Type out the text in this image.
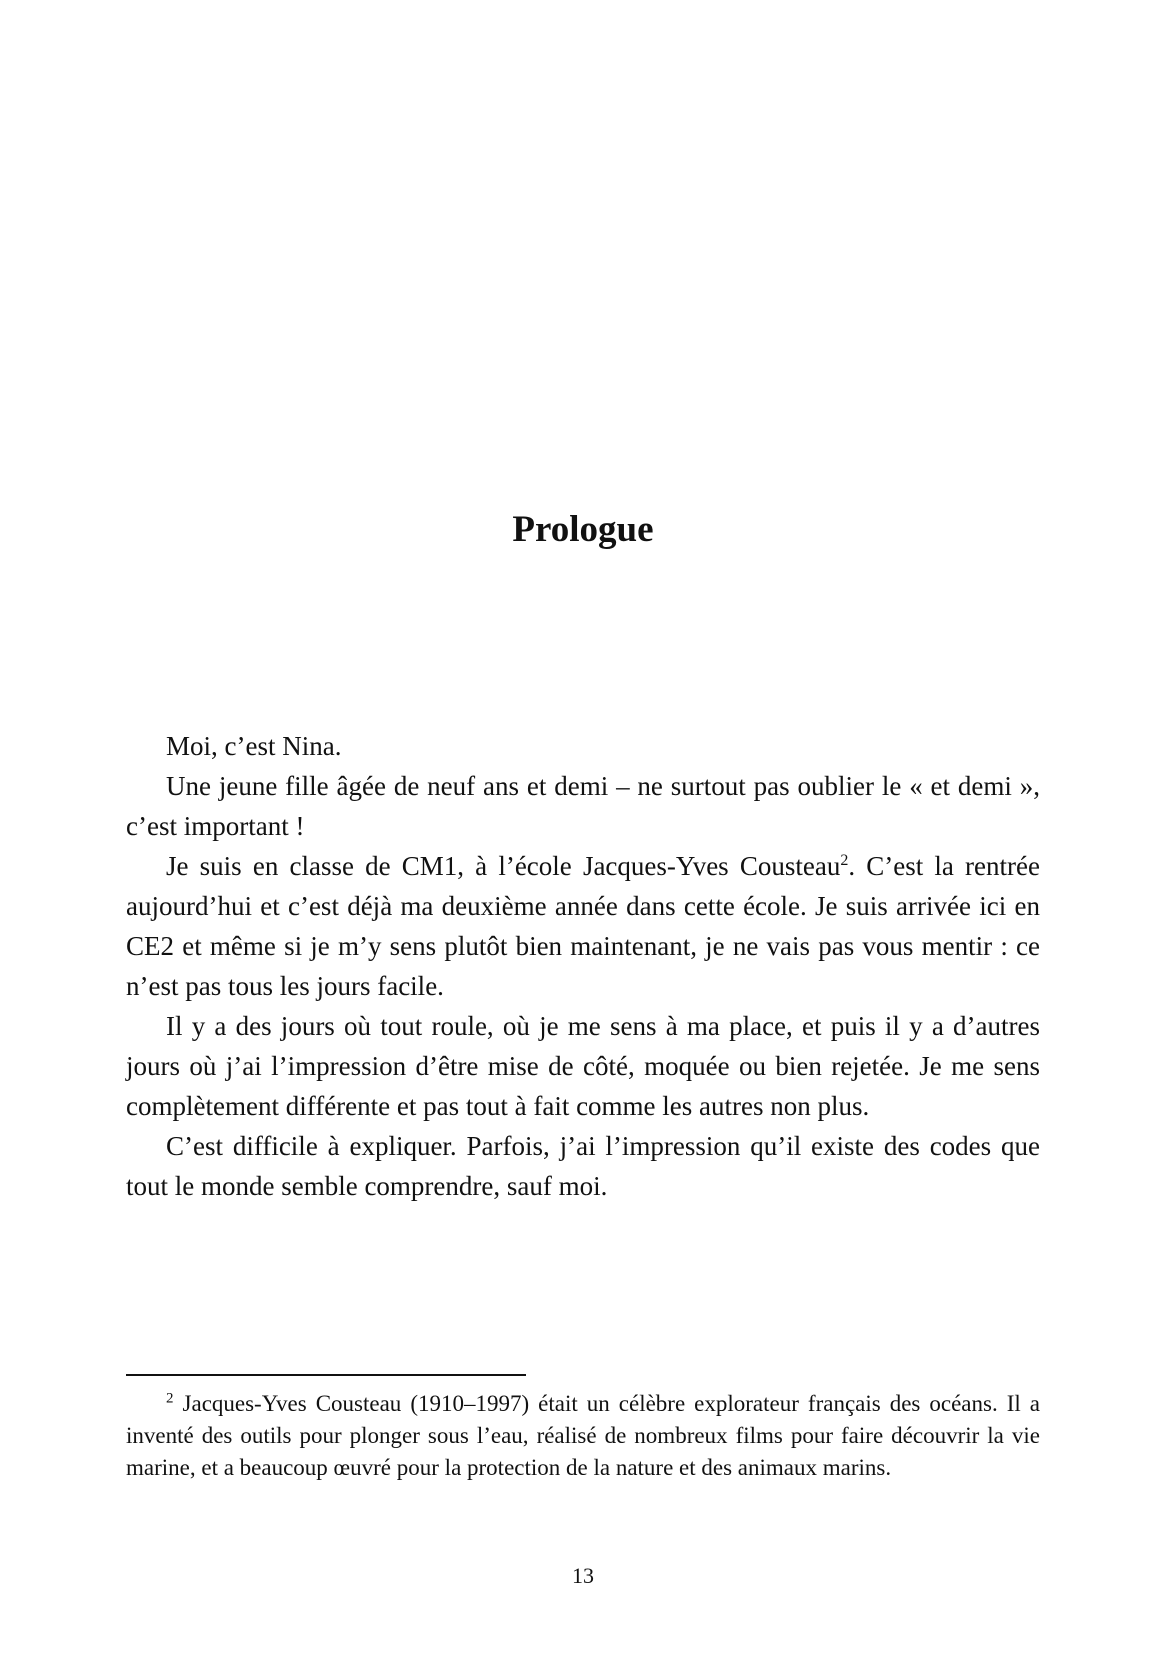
Prologue

Moi, c’est Nina.

Une jeune fille âgée de neuf ans et demi – ne surtout pas oublier le « et demi », c’est important !

Je suis en classe de CM1, à l’école Jacques-Yves Cousteau$^2$. C’est la rentrée aujourd’hui et c’est déjà ma deuxième année dans cette école. Je suis arrivée ici en CE2 et même si je m’y sens plutôt bien maintenant, je ne vais pas vous mentir : ce n’est pas tous les jours facile.

Il y a des jours où tout roule, où je me sens à ma place, et puis il y a d’autres jours où j’ai l’impression d’être mise de côté, moquée ou bien rejetée. Je me sens complètement différente et pas tout à fait comme les autres non plus.

C’est difficile à expliquer. Parfois, j’ai l’impression qu’il existe des codes que tout le monde semble comprendre, sauf moi.

$^2$ Jacques-Yves Cousteau (1910–1997) était un célèbre explorateur français des océans. Il a inventé des outils pour plonger sous l’eau, réalisé de nombreux films pour faire découvrir la vie marine, et a beaucoup œuvré pour la protection de la nature et des animaux marins.

13
